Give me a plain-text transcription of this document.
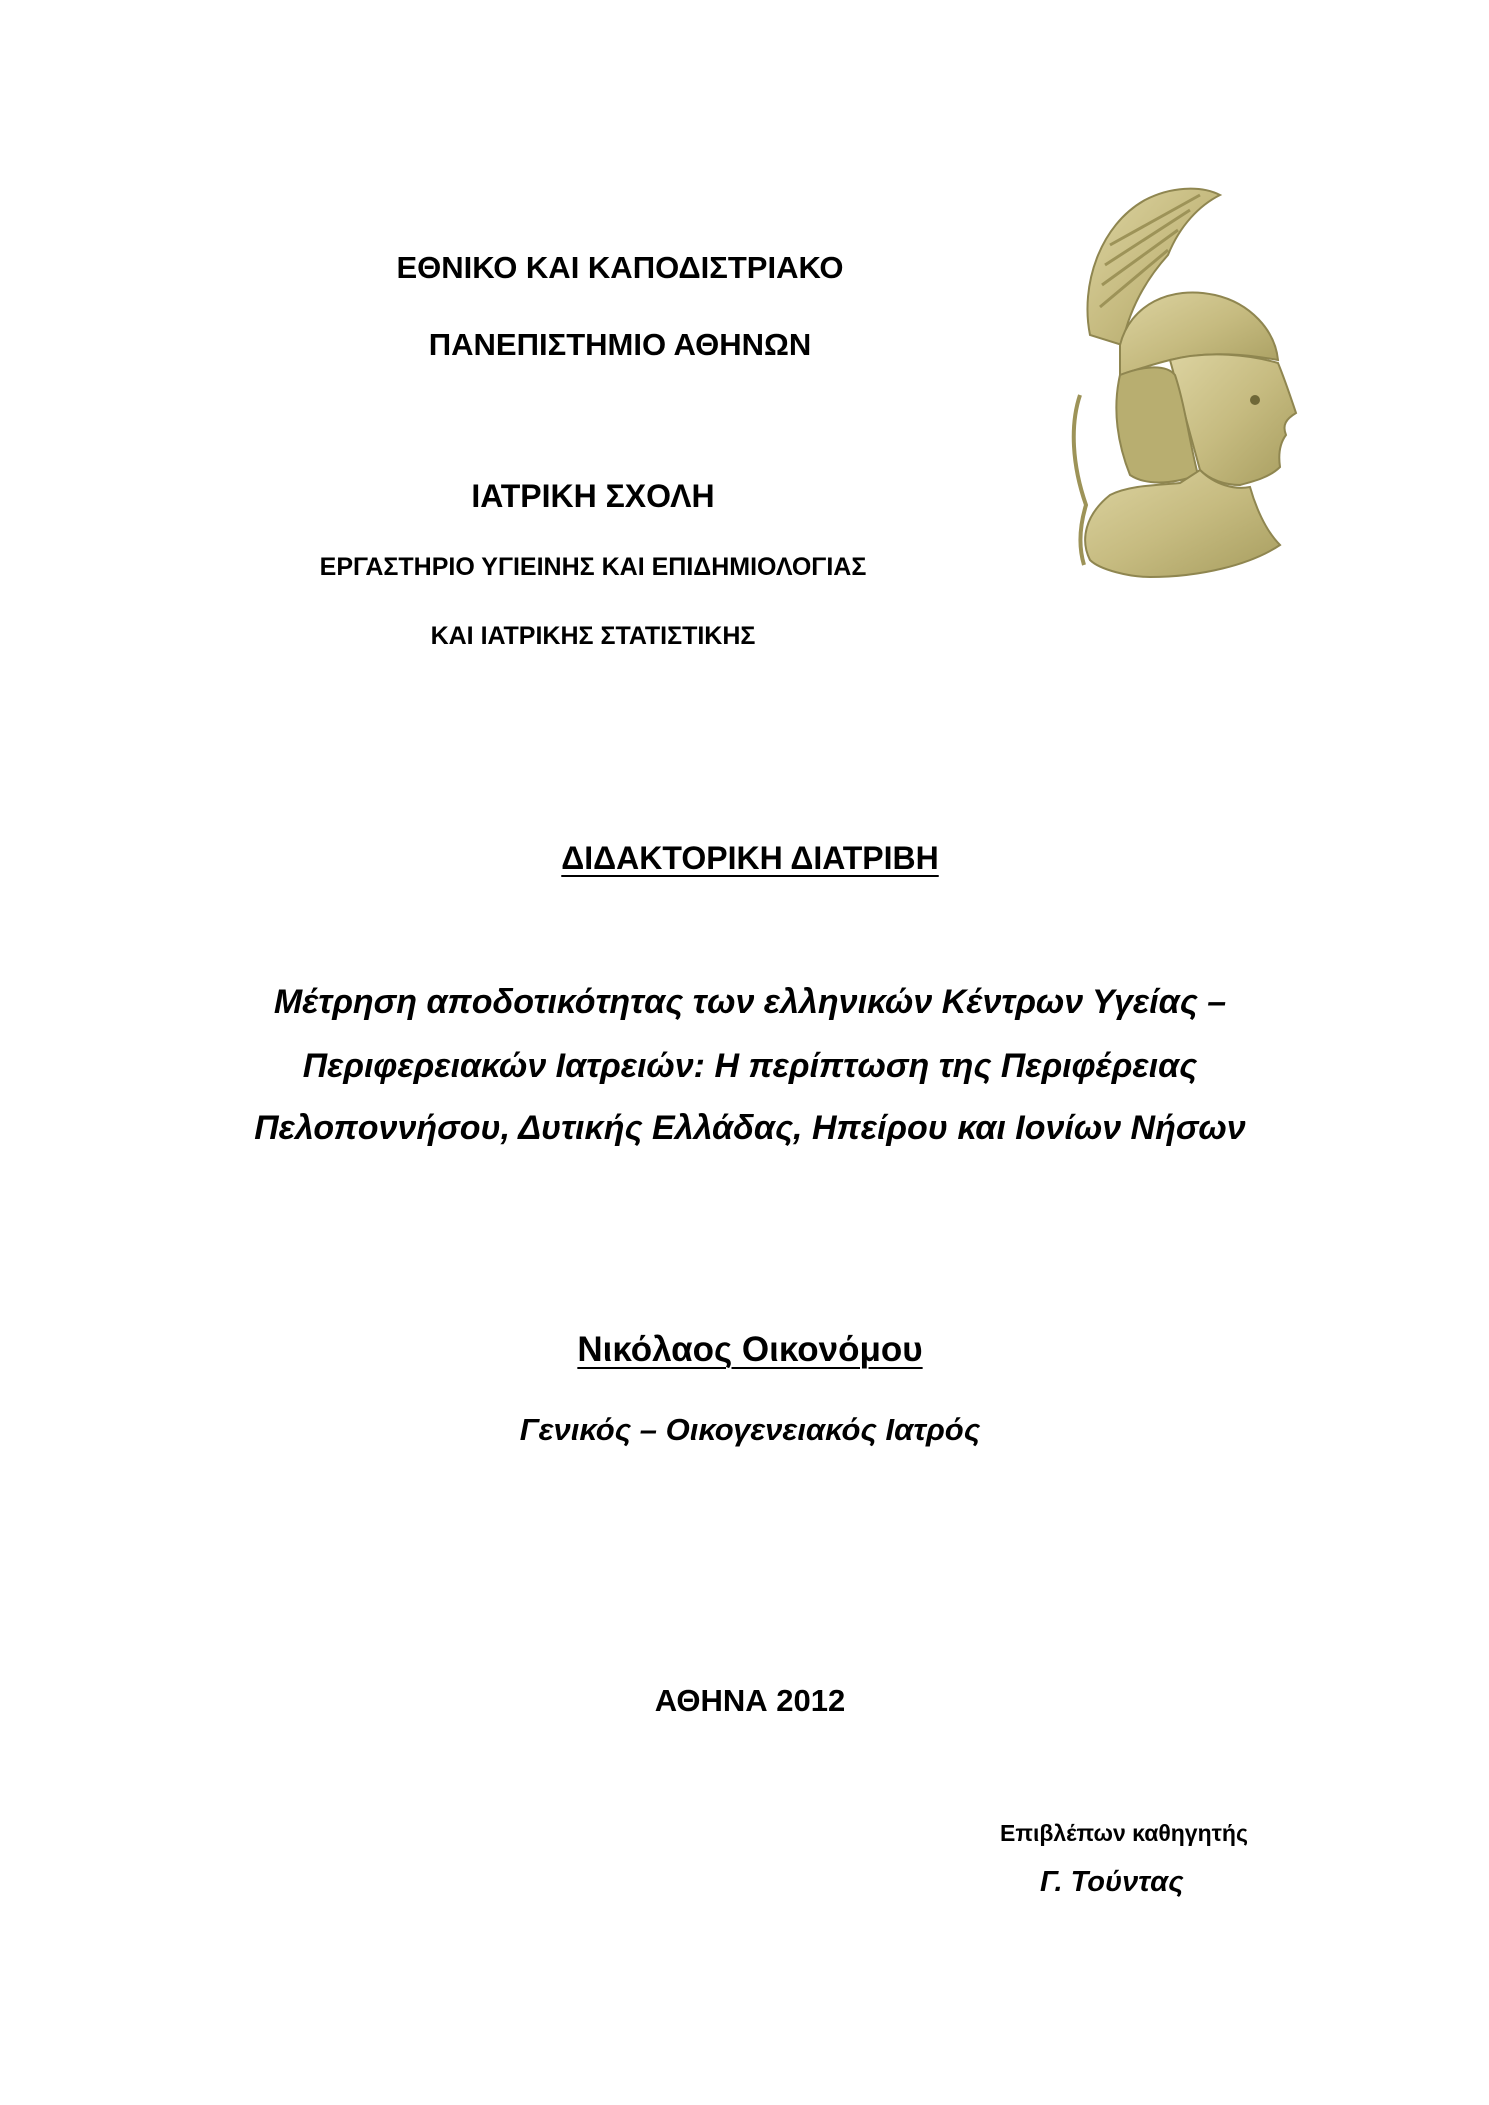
ΕΘΝΙΚΟ ΚΑΙ ΚΑΠΟΔΙΣΤΡΙΑΚΟ
ΠΑΝΕΠΙΣΤΗΜΙΟ ΑΘΗΝΩΝ
ΙΑΤΡΙΚΗ ΣΧΟΛΗ
ΕΡΓΑΣΤΗΡΙΟ ΥΓΙΕΙΝΗΣ ΚΑΙ ΕΠΙΔΗΜΙΟΛΟΓΙΑΣ
ΚΑΙ ΙΑΤΡΙΚΗΣ ΣΤΑΤΙΣΤΙΚΗΣ
ΔΙΔΑΚΤΟΡΙΚΗ ΔΙΑΤΡΙΒΗ
Μέτρηση αποδοτικότητας των ελληνικών Κέντρων Υγείας –
Περιφερειακών Ιατρειών: Η περίπτωση της Περιφέρειας
Πελοποννήσου, Δυτικής Ελλάδας, Ηπείρου και Ιονίων Νήσων
Νικόλαος Οικονόμου
Γενικός – Οικογενειακός Ιατρός
ΑΘΗΝΑ 2012
Επιβλέπων καθηγητής
Γ. Τούντας
